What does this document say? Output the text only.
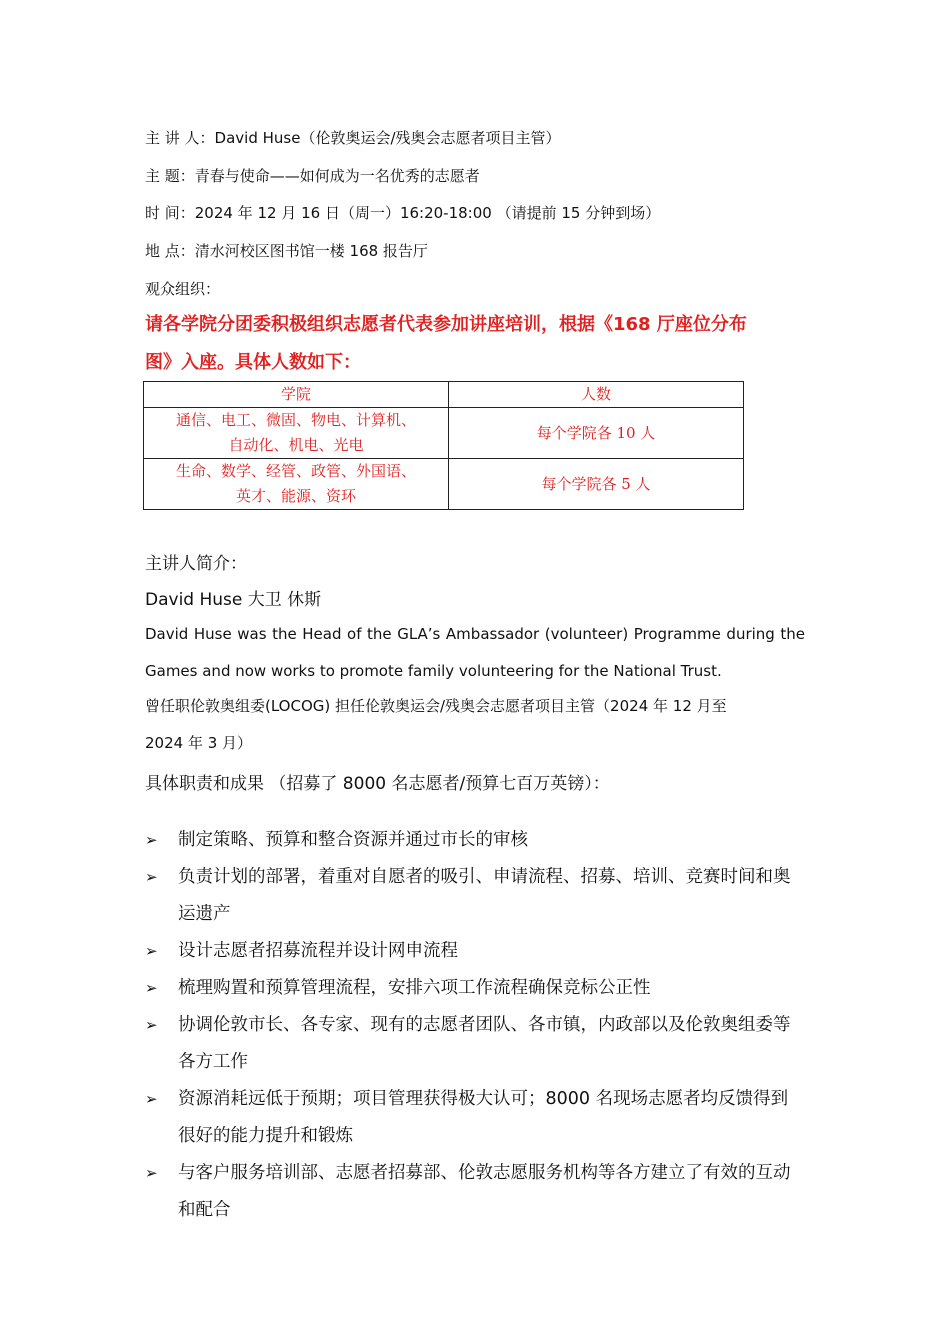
主 讲 人：David Huse（伦敦奥运会/残奥会志愿者项目主管）
主 题：青春与使命——如何成为一名优秀的志愿者
时 间：2024 年 12 月 16 日（周一）16:20-18:00 （请提前 15 分钟到场）
地 点：清水河校区图书馆一楼 168 报告厅
观众组织：
请各学院分团委积极组织志愿者代表参加讲座培训，根据《168 厅座位分布
图》入座。具体人数如下：
学院	人数

通信、电工、微固、物电、计算机、
自动化、机电、光电	每个学院各 10 人

生命、数学、经管、政管、外国语、
英才、能源、资环	每个学院各 5 人
主讲人简介：
David Huse 大卫 休斯
David Huse was the Head of the GLA’s Ambassador (volunteer) Programme during the
Games and now works to promote family volunteering for the National Trust.
曾任职伦敦奥组委(LOCOG) 担任伦敦奥运会/残奥会志愿者项目主管（2024 年 12 月至
2024 年 3 月）
具体职责和成果 （招募了 8000 名志愿者/预算七百万英镑）：
➢ 制定策略、预算和整合资源并通过市长的审核
➢ 负责计划的部署，着重对自愿者的吸引、申请流程、招募、培训、竞赛时间和奥运遗产
➢ 设计志愿者招募流程并设计网申流程
➢ 梳理购置和预算管理流程，安排六项工作流程确保竞标公正性
➢ 协调伦敦市长、各专家、现有的志愿者团队、各市镇，内政部以及伦敦奥组委等各方工作
➢ 资源消耗远低于预期；项目管理获得极大认可；8000 名现场志愿者均反馈得到很好的能力提升和锻炼
➢ 与客户服务培训部、志愿者招募部、伦敦志愿服务机构等各方建立了有效的互动和配合
